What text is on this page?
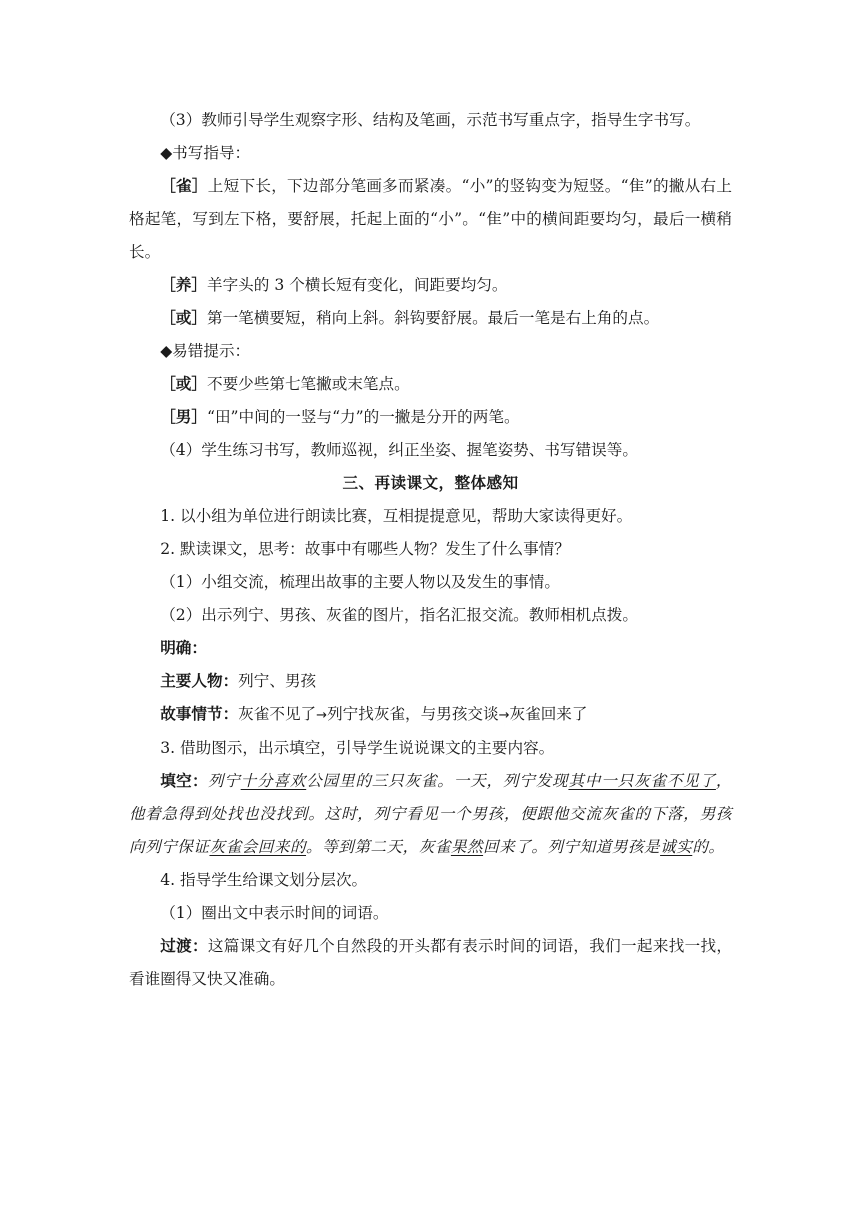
（3）教师引导学生观察字形、结构及笔画，示范书写重点字，指导生字书写。

◆书写指导：

［雀］上短下长，下边部分笔画多而紧凑。“小”的竖钩变为短竖。“隹”的撇从右上格起笔，写到左下格，要舒展，托起上面的“小”。“隹”中的横间距要均匀，最后一横稍长。

［养］羊字头的 3 个横长短有变化，间距要均匀。

［或］第一笔横要短，稍向上斜。斜钩要舒展。最后一笔是右上角的点。

◆易错提示：

［或］不要少些第七笔撇或末笔点。

［男］“田”中间的一竖与“力”的一撇是分开的两笔。

（4）学生练习书写，教师巡视，纠正坐姿、握笔姿势、书写错误等。

三、再读课文，整体感知

1. 以小组为单位进行朗读比赛，互相提提意见，帮助大家读得更好。

2. 默读课文，思考：故事中有哪些人物？发生了什么事情？

（1）小组交流，梳理出故事的主要人物以及发生的事情。

（2）出示列宁、男孩、灰雀的图片，指名汇报交流。教师相机点拨。

明确：

主要人物：列宁、男孩

故事情节：灰雀不见了→列宁找灰雀，与男孩交谈→灰雀回来了

3. 借助图示，出示填空，引导学生说说课文的主要内容。

填空：列宁十分喜欢公园里的三只灰雀。一天，列宁发现其中一只灰雀不见了，他着急得到处找也没找到。这时，列宁看见一个男孩，便跟他交流灰雀的下落，男孩向列宁保证灰雀会回来的。等到第二天，灰雀果然回来了。列宁知道男孩是诚实的。

4. 指导学生给课文划分层次。

（1）圈出文中表示时间的词语。

过渡：这篇课文有好几个自然段的开头都有表示时间的词语，我们一起来找一找，看谁圈得又快又准确。
